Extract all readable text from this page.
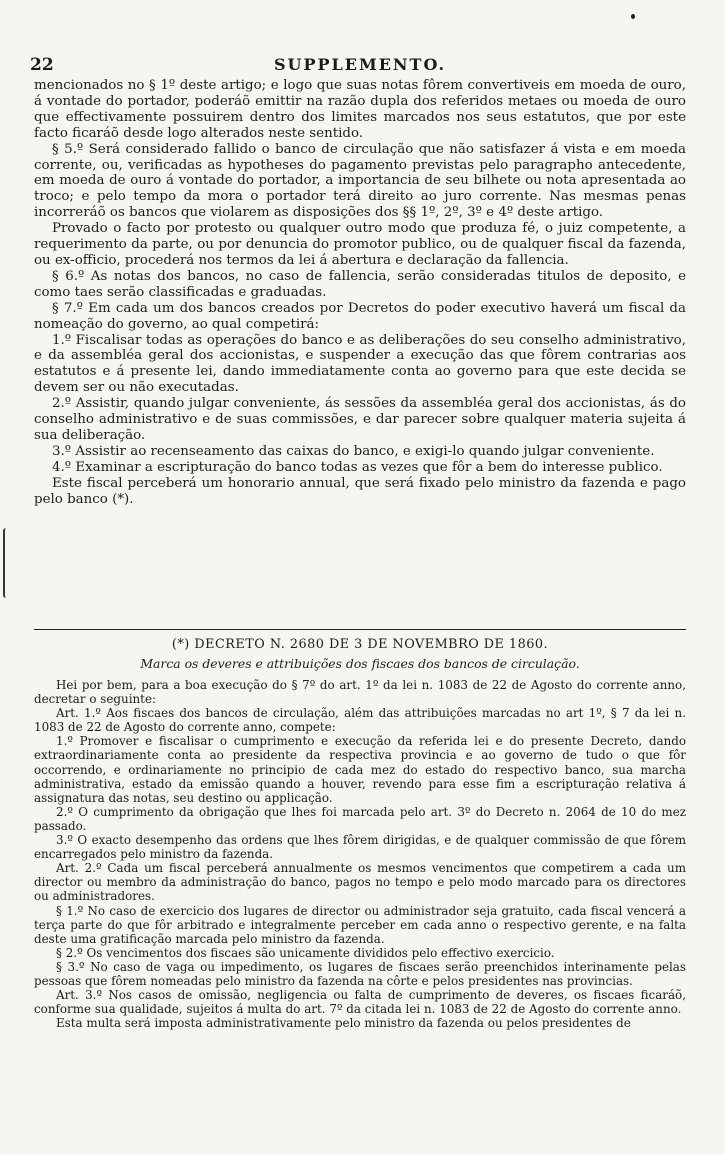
22	SUPPLEMENTO.

mencionados no § 1º deste artigo; e logo que suas notas fôrem convertiveis em moeda de ouro, á vontade do portador, poderáõ emittir na razão dupla dos referidos metaes ou moeda de ouro que effectivamente possuirem dentro dos limites marcados nos seus estatutos, que por este facto ficaráõ desde logo alterados neste sentido.

§ 5.º Será considerado fallido o banco de circulação que não satisfazer á vista e em moeda corrente, ou, verificadas as hypotheses do pagamento previstas pelo paragrapho antecedente, em moeda de ouro á vontade do portador, a importancia de seu bilhete ou nota apresentada ao troco; e pelo tempo da mora o portador terá direito ao juro corrente. Nas mesmas penas incorreráõ os bancos que violarem as disposições dos §§ 1º, 2º, 3º e 4º deste artigo.

Provado o facto por protesto ou qualquer outro modo que produza fé, o juiz competente, a requerimento da parte, ou por denuncia do promotor publico, ou de qualquer fiscal da fazenda, ou ex-officio, procederá nos termos da lei á abertura e declaração da fallencia.

§ 6.º As notas dos bancos, no caso de fallencia, serão consideradas titulos de deposito, e como taes serão classificadas e graduadas.

§ 7.º Em cada um dos bancos creados por Decretos do poder executivo haverá um fiscal da nomeação do governo, ao qual competirá:

1.º Fiscalisar todas as operações do banco e as deliberações do seu conselho administrativo, e da assembléa geral dos accionistas, e suspender a execução das que fôrem contrarias aos estatutos e á presente lei, dando immediatamente conta ao governo para que este decida se devem ser ou não executadas.

2.º Assistir, quando julgar conveniente, ás sessões da assembléa geral dos accionistas, ás do conselho administrativo e de suas commissões, e dar parecer sobre qualquer materia sujeita á sua deliberação.

3.º Assistir ao recenseamento das caixas do banco, e exigi-lo quando julgar conveniente.

4.º Examinar a escripturação do banco todas as vezes que fôr a bem do interesse publico.

Este fiscal perceberá um honorario annual, que será fixado pelo ministro da fazenda e pago pelo banco (*).

(*) DECRETO N. 2680 DE 3 DE NOVEMBRO DE 1860.
Marca os deveres e attribuições dos fiscaes dos bancos de circulação.

Hei por bem, para a boa execução do § 7º do art. 1º da lei n. 1083 de 22 de Agosto do corrente anno, decretar o seguinte:

Art. 1.º Aos fiscaes dos bancos de circulação, além das attribuições marcadas no art 1º, § 7 da lei n. 1083 de 22 de Agosto do corrente anno, compete:

1.º Promover e fiscalisar o cumprimento e execução da referida lei e do presente Decreto, dando extraordinariamente conta ao presidente da respectiva provincia e ao governo de tudo o que fôr occorrendo, e ordinariamente no principio de cada mez do estado do respectivo banco, sua marcha administrativa, estado da emissão quando a houver, revendo para esse fim a escripturação relativa á assignatura das notas, seu destino ou applicação.

2.º O cumprimento da obrigação que lhes foi marcada pelo art. 3º do Decreto n. 2064 de 10 do mez passado.

3.º O exacto desempenho das ordens que lhes fôrem dirigidas, e de qualquer commissão de que fôrem encarregados pelo ministro da fazenda.

Art. 2.º Cada um fiscal perceberá annualmente os mesmos vencimentos que competirem a cada um director ou membro da administração do banco, pagos no tempo e pelo modo marcado para os directores ou administradores.

§ 1.º No caso de exercicio dos lugares de director ou administrador seja gratuito, cada fiscal vencerá a terça parte do que fôr arbitrado e integralmente perceber em cada anno o respectivo gerente, e na falta deste uma gratificação marcada pelo ministro da fazenda.

§ 2.º Os vencimentos dos fiscaes são unicamente divididos pelo effectivo exercicio.

§ 3.º No caso de vaga ou impedimento, os lugares de fiscaes serão preenchidos interinamente pelas pessoas que fôrem nomeadas pelo ministro da fazenda na côrte e pelos presidentes nas provincias.

Art. 3.º Nos casos de omissão, negligencia ou falta de cumprimento de deveres, os fiscaes ficaráõ, conforme sua qualidade, sujeitos á multa do art. 7º da citada lei n. 1083 de 22 de Agosto do corrente anno.

Esta multa será imposta administrativamente pelo ministro da fazenda ou pelos presidentes de
